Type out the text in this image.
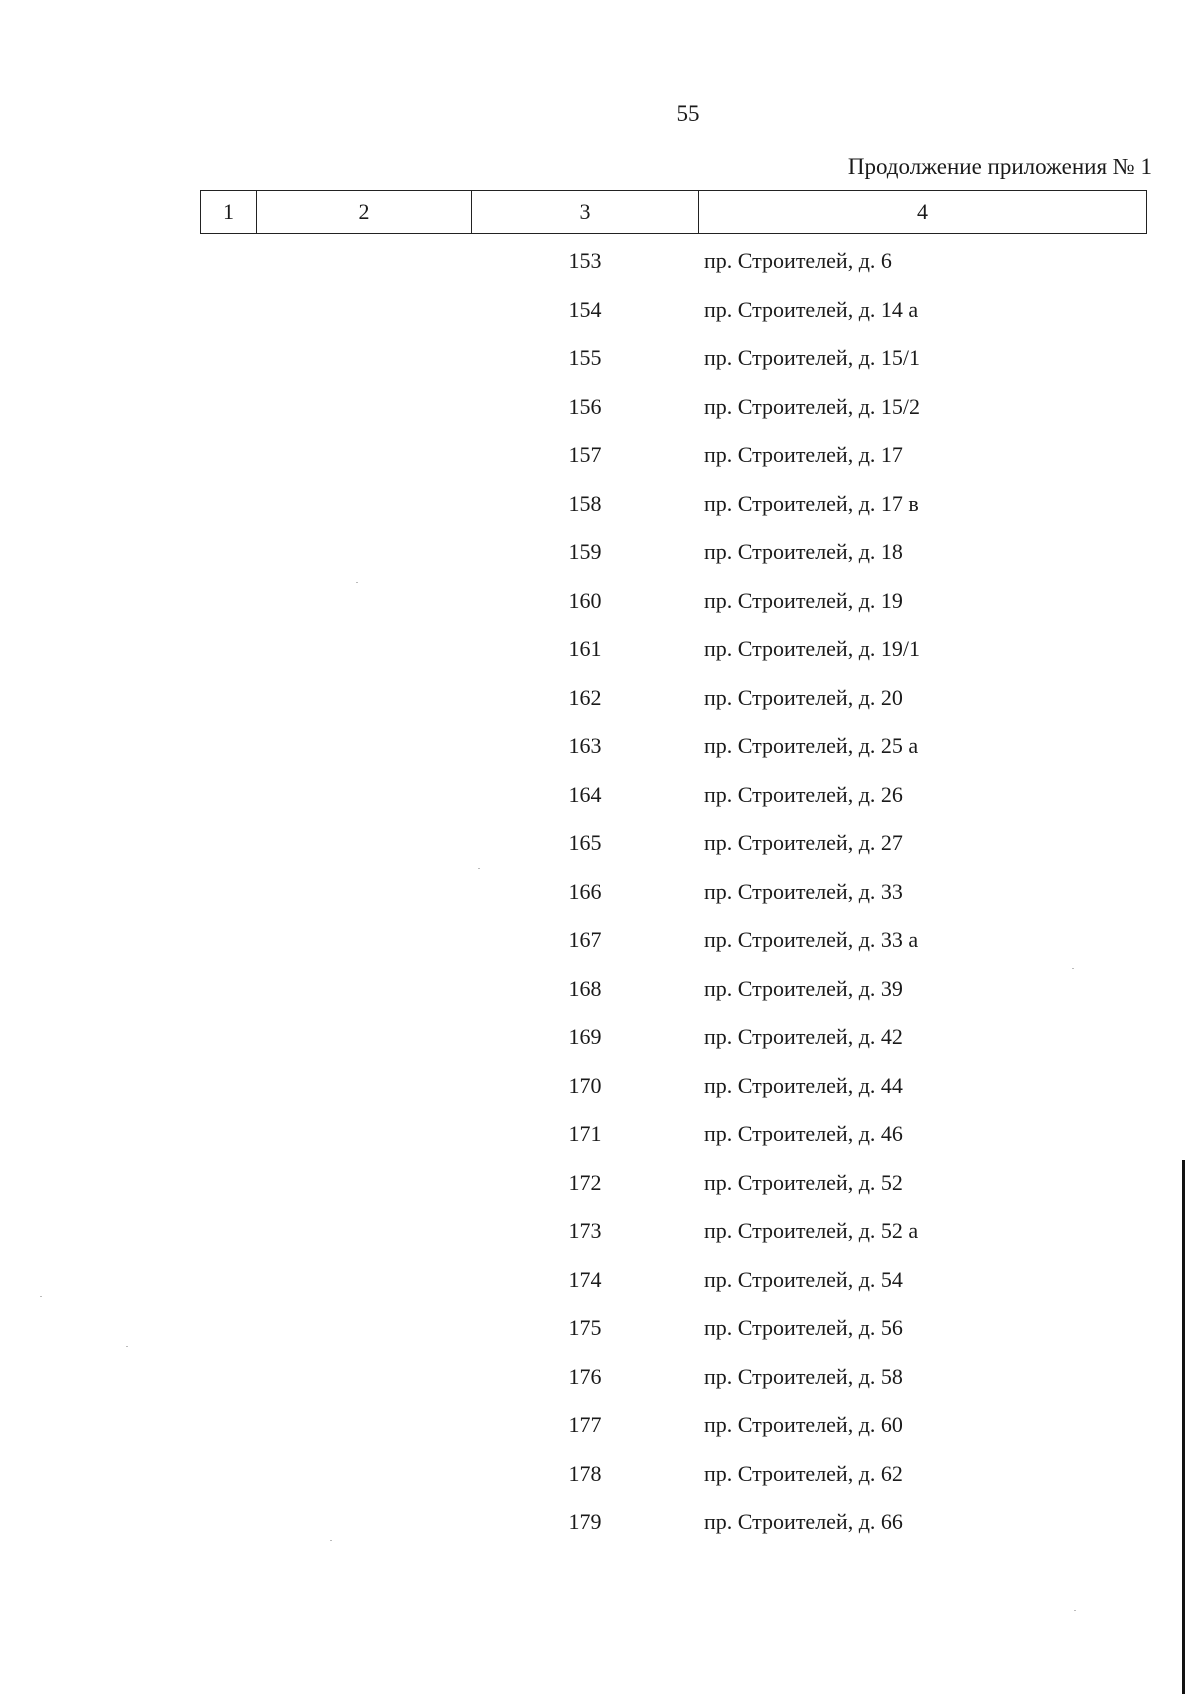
55
Продолжение приложения № 1
1	2	3	4
153	пр. Строителей, д. 6
154	пр. Строителей, д. 14 а
155	пр. Строителей, д. 15/1
156	пр. Строителей, д. 15/2
157	пр. Строителей, д. 17
158	пр. Строителей, д. 17 в
159	пр. Строителей, д. 18
160	пр. Строителей, д. 19
161	пр. Строителей, д. 19/1
162	пр. Строителей, д. 20
163	пр. Строителей, д. 25 а
164	пр. Строителей, д. 26
165	пр. Строителей, д. 27
166	пр. Строителей, д. 33
167	пр. Строителей, д. 33 а
168	пр. Строителей, д. 39
169	пр. Строителей, д. 42
170	пр. Строителей, д. 44
171	пр. Строителей, д. 46
172	пр. Строителей, д. 52
173	пр. Строителей, д. 52 а
174	пр. Строителей, д. 54
175	пр. Строителей, д. 56
176	пр. Строителей, д. 58
177	пр. Строителей, д. 60
178	пр. Строителей, д. 62
179	пр. Строителей, д. 66
